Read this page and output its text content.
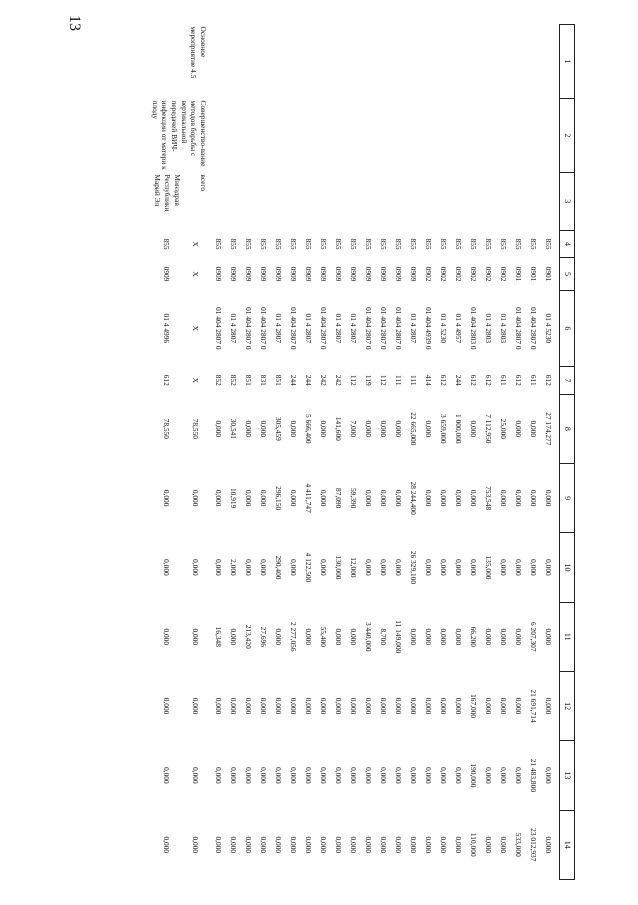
13
1	2	3	4	5	6	7	8	9	10	11	12	13	14
			855	0901	01 4 5230	612	27 174,277	0,000	0,000	0,000	0,000	0,000	0,000
			855	0901	01 404 2807 0	611	0,000	0,000	0,000	6 207,307	21 691,714	21 483,800	23 012,937
			855	0901	01 404 2807 0	612	0,000	0,000	0,000	0,000	0,000	0,000	533,000
			855	0902	01 4 2803	611	25,000	0,000	0,000	0,000	0,000	0,000	0,000
			855	0902	01 4 2803	612	7 112,950	753,548	135,000	0,000	0,000	0,000	0,000
			855	0902	01 404 2803 0	612	0,000	0,000	0,000	66,200	167,000	190,000	110,000
			855	0902	01 4 4957	244	1 000,000	0,000	0,000	0,000	0,000	0,000	0,000
			855	0902	01 4 5230	612	3 659,000	0,000	0,000	0,000	0,000	0,000	0,000
			855	0902	01 404 4939 0	414	0,000	0,000	0,000	0,000	0,000	0,000	0,000
			855	0909	01 4 2807	111	22 665,000	28 244,400	26 329,100	0,000	0,000	0,000	0,000
			855	0909	01 404 2807 0	111	0,000	0,000	0,000	11 149,000	0,000	0,000	0,000
			855	0909	01 404 2807 0	112	0,000	0,000	0,000	8,700	0,000	0,000	0,000
			855	0909	01 404 2807 0	119	0,000	0,000	0,000	3 440,000	0,000	0,000	0,000
			855	0909	01 4 2807	112	7,000	59,390	12,000	0,000	0,000	0,000	0,000
			855	0909	01 4 2807	242	141,600	87,090	130,000	0,000	0,000	0,000	0,000
			855	0909	01 404 2807 0	242	0,000	0,000	0,000	55,400	0,000	0,000	0,000
			855	0909	01 4 2807	244	5 666,400	4 411,747	4 122,500	0,000	0,000	0,000	0,000
			855	0909	01 404 2807 0	244	0,000	0,000	0,000	2 277,056	0,000	0,000	0,000
			855	0909	01 4 2807	851	305,459	296,150	290,400	0,000	0,000	0,000	0,000
			855	0909	01 404 2807 0	831	0,000	0,000	0,000	27,696	0,000	0,000	0,000
			855	0909	01 404 2807 0	851	0,000	0,000	0,000	213,420	0,000	0,000	0,000
			855	0909	01 4 2807	852	30,541	10,919	2,000	0,000	0,000	0,000	0,000
			855	0909	01 404 2807 0	852	0,000	0,000	0,000	16,348	0,000	0,000	0,000
Основное мероприятие 4.5	Совершенство-вание методов борьбы с вертикальной передачей ВИЧ-инфекции от матери к плоду	всего	Х	Х	Х	Х	78,550	0,000	0,000	0,000	0,000	0,000	0,000
		Минздрав Республики Марий Эл	855	0909	01 4 4996	612	78,550	0,000	0,000	0,000	0,000	0,000	0,000
